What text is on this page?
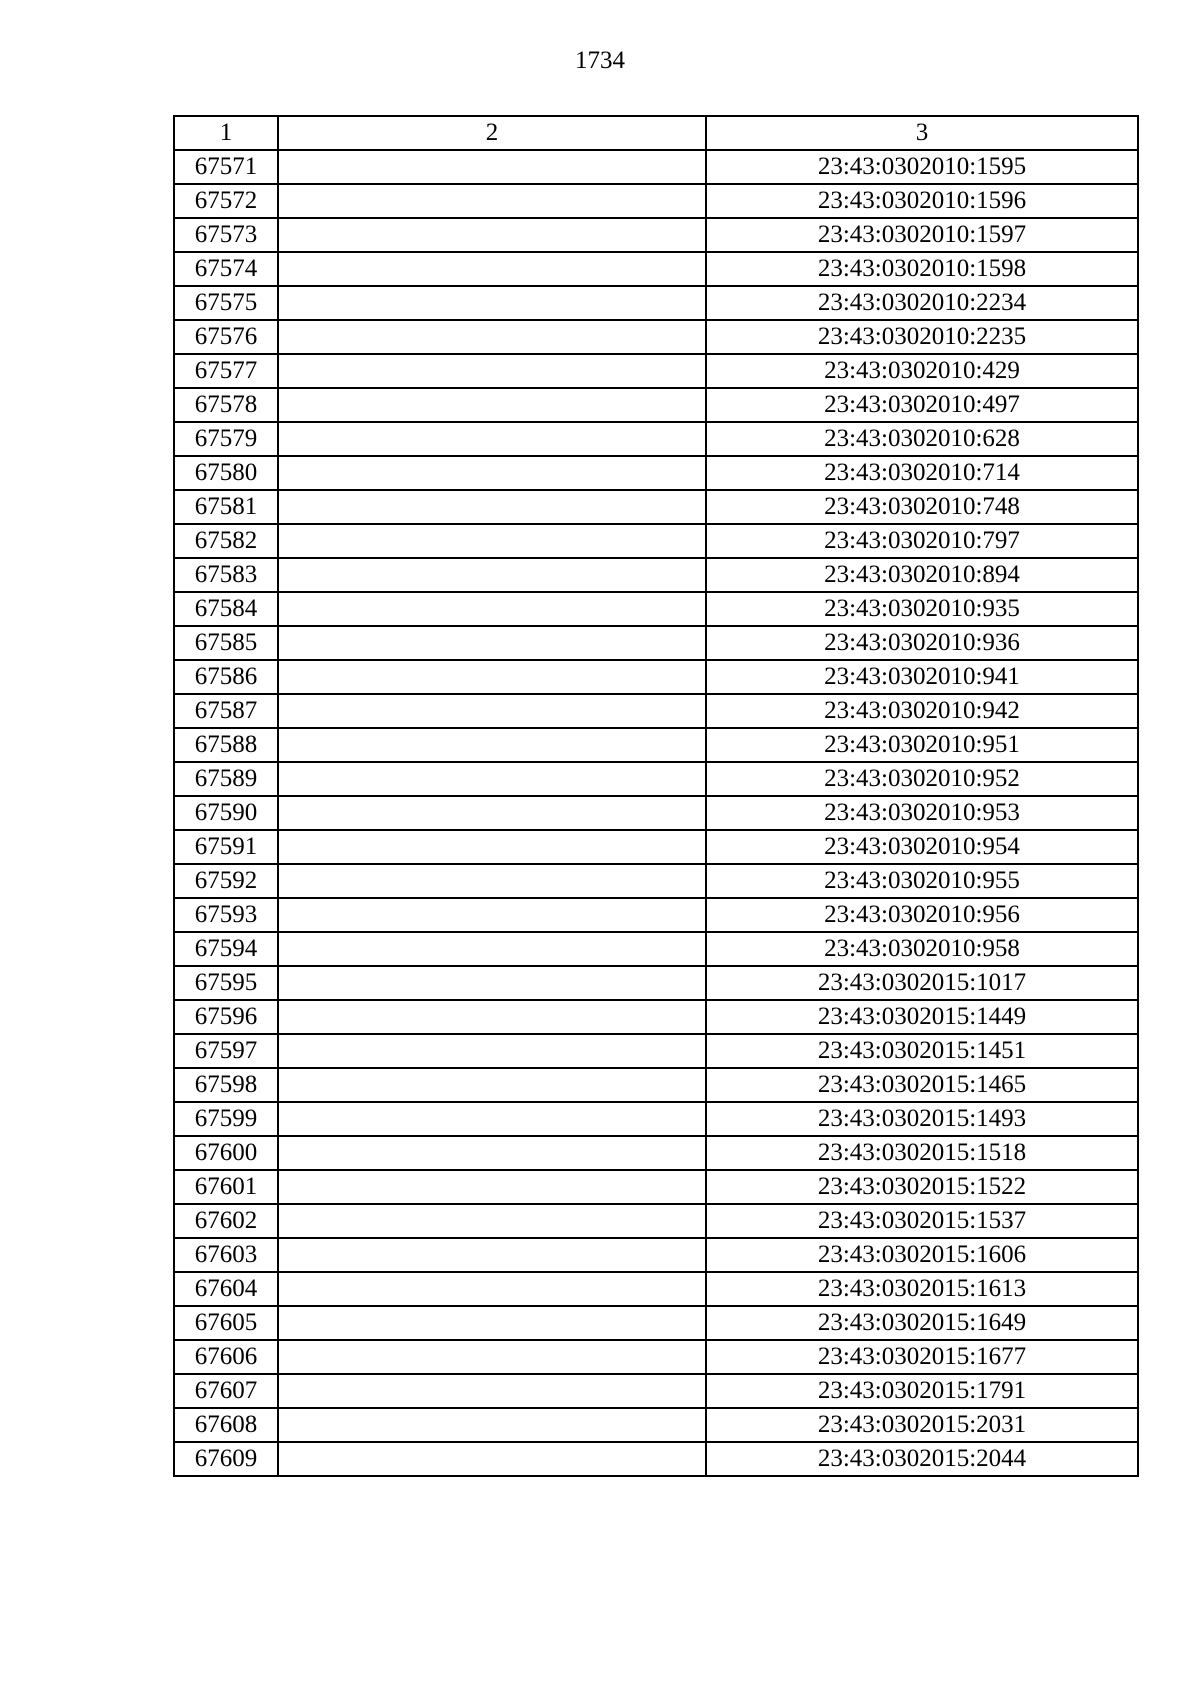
1734
1	2	3
67571		23:43:0302010:1595
67572		23:43:0302010:1596
67573		23:43:0302010:1597
67574		23:43:0302010:1598
67575		23:43:0302010:2234
67576		23:43:0302010:2235
67577		23:43:0302010:429
67578		23:43:0302010:497
67579		23:43:0302010:628
67580		23:43:0302010:714
67581		23:43:0302010:748
67582		23:43:0302010:797
67583		23:43:0302010:894
67584		23:43:0302010:935
67585		23:43:0302010:936
67586		23:43:0302010:941
67587		23:43:0302010:942
67588		23:43:0302010:951
67589		23:43:0302010:952
67590		23:43:0302010:953
67591		23:43:0302010:954
67592		23:43:0302010:955
67593		23:43:0302010:956
67594		23:43:0302010:958
67595		23:43:0302015:1017
67596		23:43:0302015:1449
67597		23:43:0302015:1451
67598		23:43:0302015:1465
67599		23:43:0302015:1493
67600		23:43:0302015:1518
67601		23:43:0302015:1522
67602		23:43:0302015:1537
67603		23:43:0302015:1606
67604		23:43:0302015:1613
67605		23:43:0302015:1649
67606		23:43:0302015:1677
67607		23:43:0302015:1791
67608		23:43:0302015:2031
67609		23:43:0302015:2044
